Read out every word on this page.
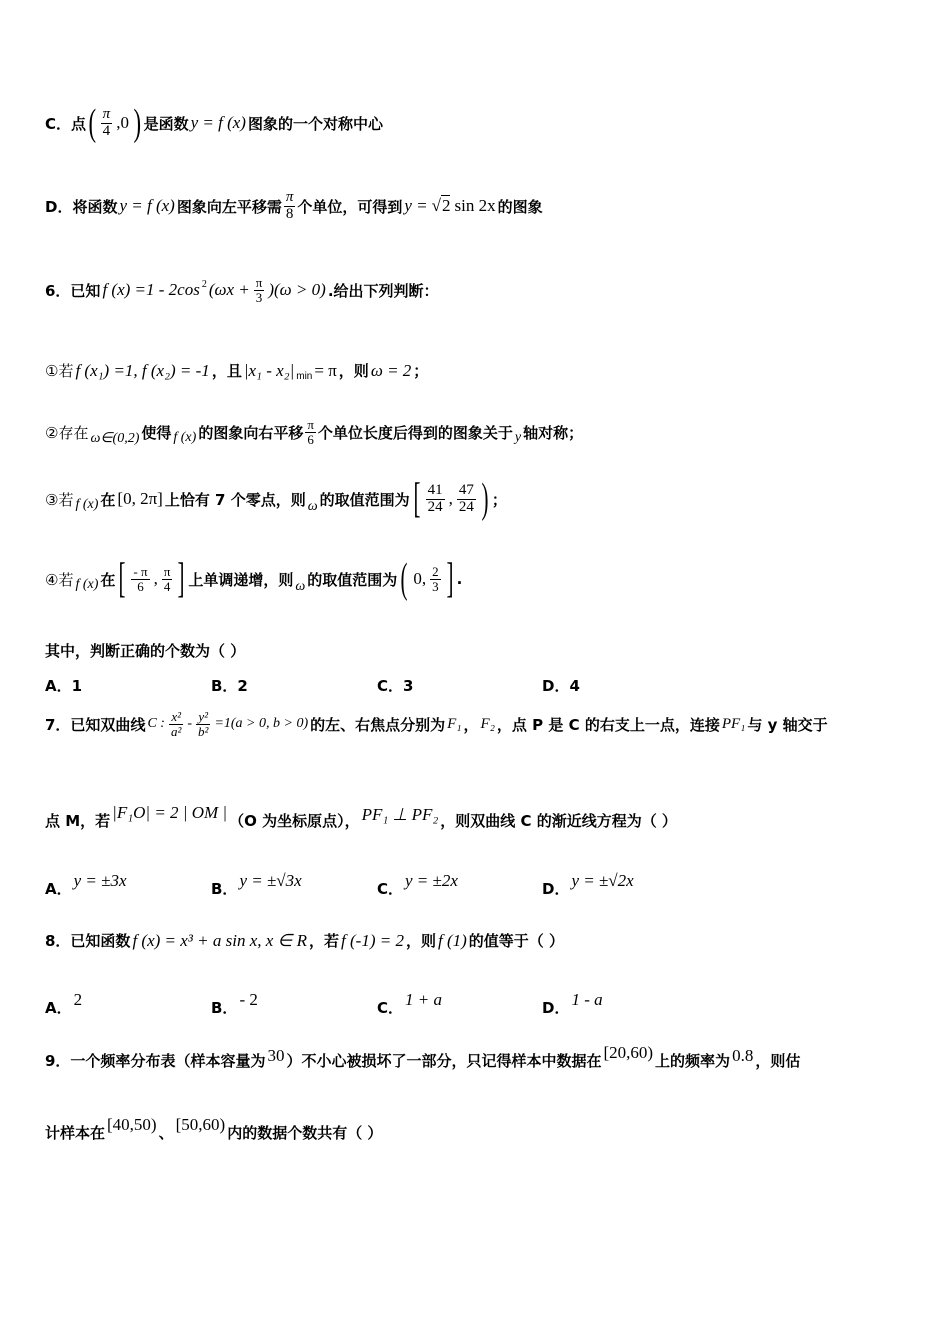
C．点 ( $\frac{\pi}{4} ,0$ ) 是函数 y = f (x) 图象的一个对称中心
D．将函数 y = f (x) 图象向左平移需 $\frac{\pi}{8}$ 个单位，可得到 y = √2 sin 2x 的图象
6．已知 f $(x) =1 - 2\cos^2$ $(\omega x + \frac{\pi}{3} )(\omega > 0)$ .给出下列判断：
①若 f (x₁) =1, f (x₂) = -1 ，且 $|x_1 - x_2|_{min} = \pi$ ，则 ω = 2 ；
②存在 ω∈(0,2) 使得 f (x) 的图象向右平移 $\frac{\pi}{6}$ 个单位长度后得到的图象关于 y 轴对称；
③若 f (x) 在 [0, 2π] 上恰有 7 个零点，则 ω 的取值范围为 [ $\frac{41}{24}$ , $\frac{47}{24}$ ) ；
④若 f (x) 在 [ $\frac{- \pi}{6}$ , $\frac{\pi}{4}$ ] 上单调递增，则 ω 的取值范围为 ( 0, $\frac{2}{3}$ ] .
其中，判断正确的个数为（ ）
A．1	B．2	C．3	D．4
7．已知双曲线 C : $\frac{\text{x²}}{\text{a²}} - \frac{\text{y²}}{\text{b²}} =1(a > 0$, b > 0) 的左、右焦点分别为 F₁ ， F₂ ，点 P 是 C 的右支上一点，连接 PF₁ 与 y 轴交于
点 M，若 |F₁O| = 2 | OM | （O 为坐标原点）， PF₁ ⊥ PF₂ ，则双曲线 C 的渐近线方程为（ ）
A． y = ±3x	B． y = ±√3x	C． y = ±2x	D． y = ±√2x
8．已知函数 f (x) = x³ + a sin x, x ∈ R ，若 f (-1) = 2 ，则 f (1) 的值等于（ ）
A． 2	B． - 2	C． 1 + a	D． 1 - a
9．一个频率分布表（样本容量为 30 ）不小心被损坏了一部分，只记得样本中数据在 [20,60) 上的频率为 0.8 ，则估
计样本在 [40,50) 、 [50,60) 内的数据个数共有（ ）
